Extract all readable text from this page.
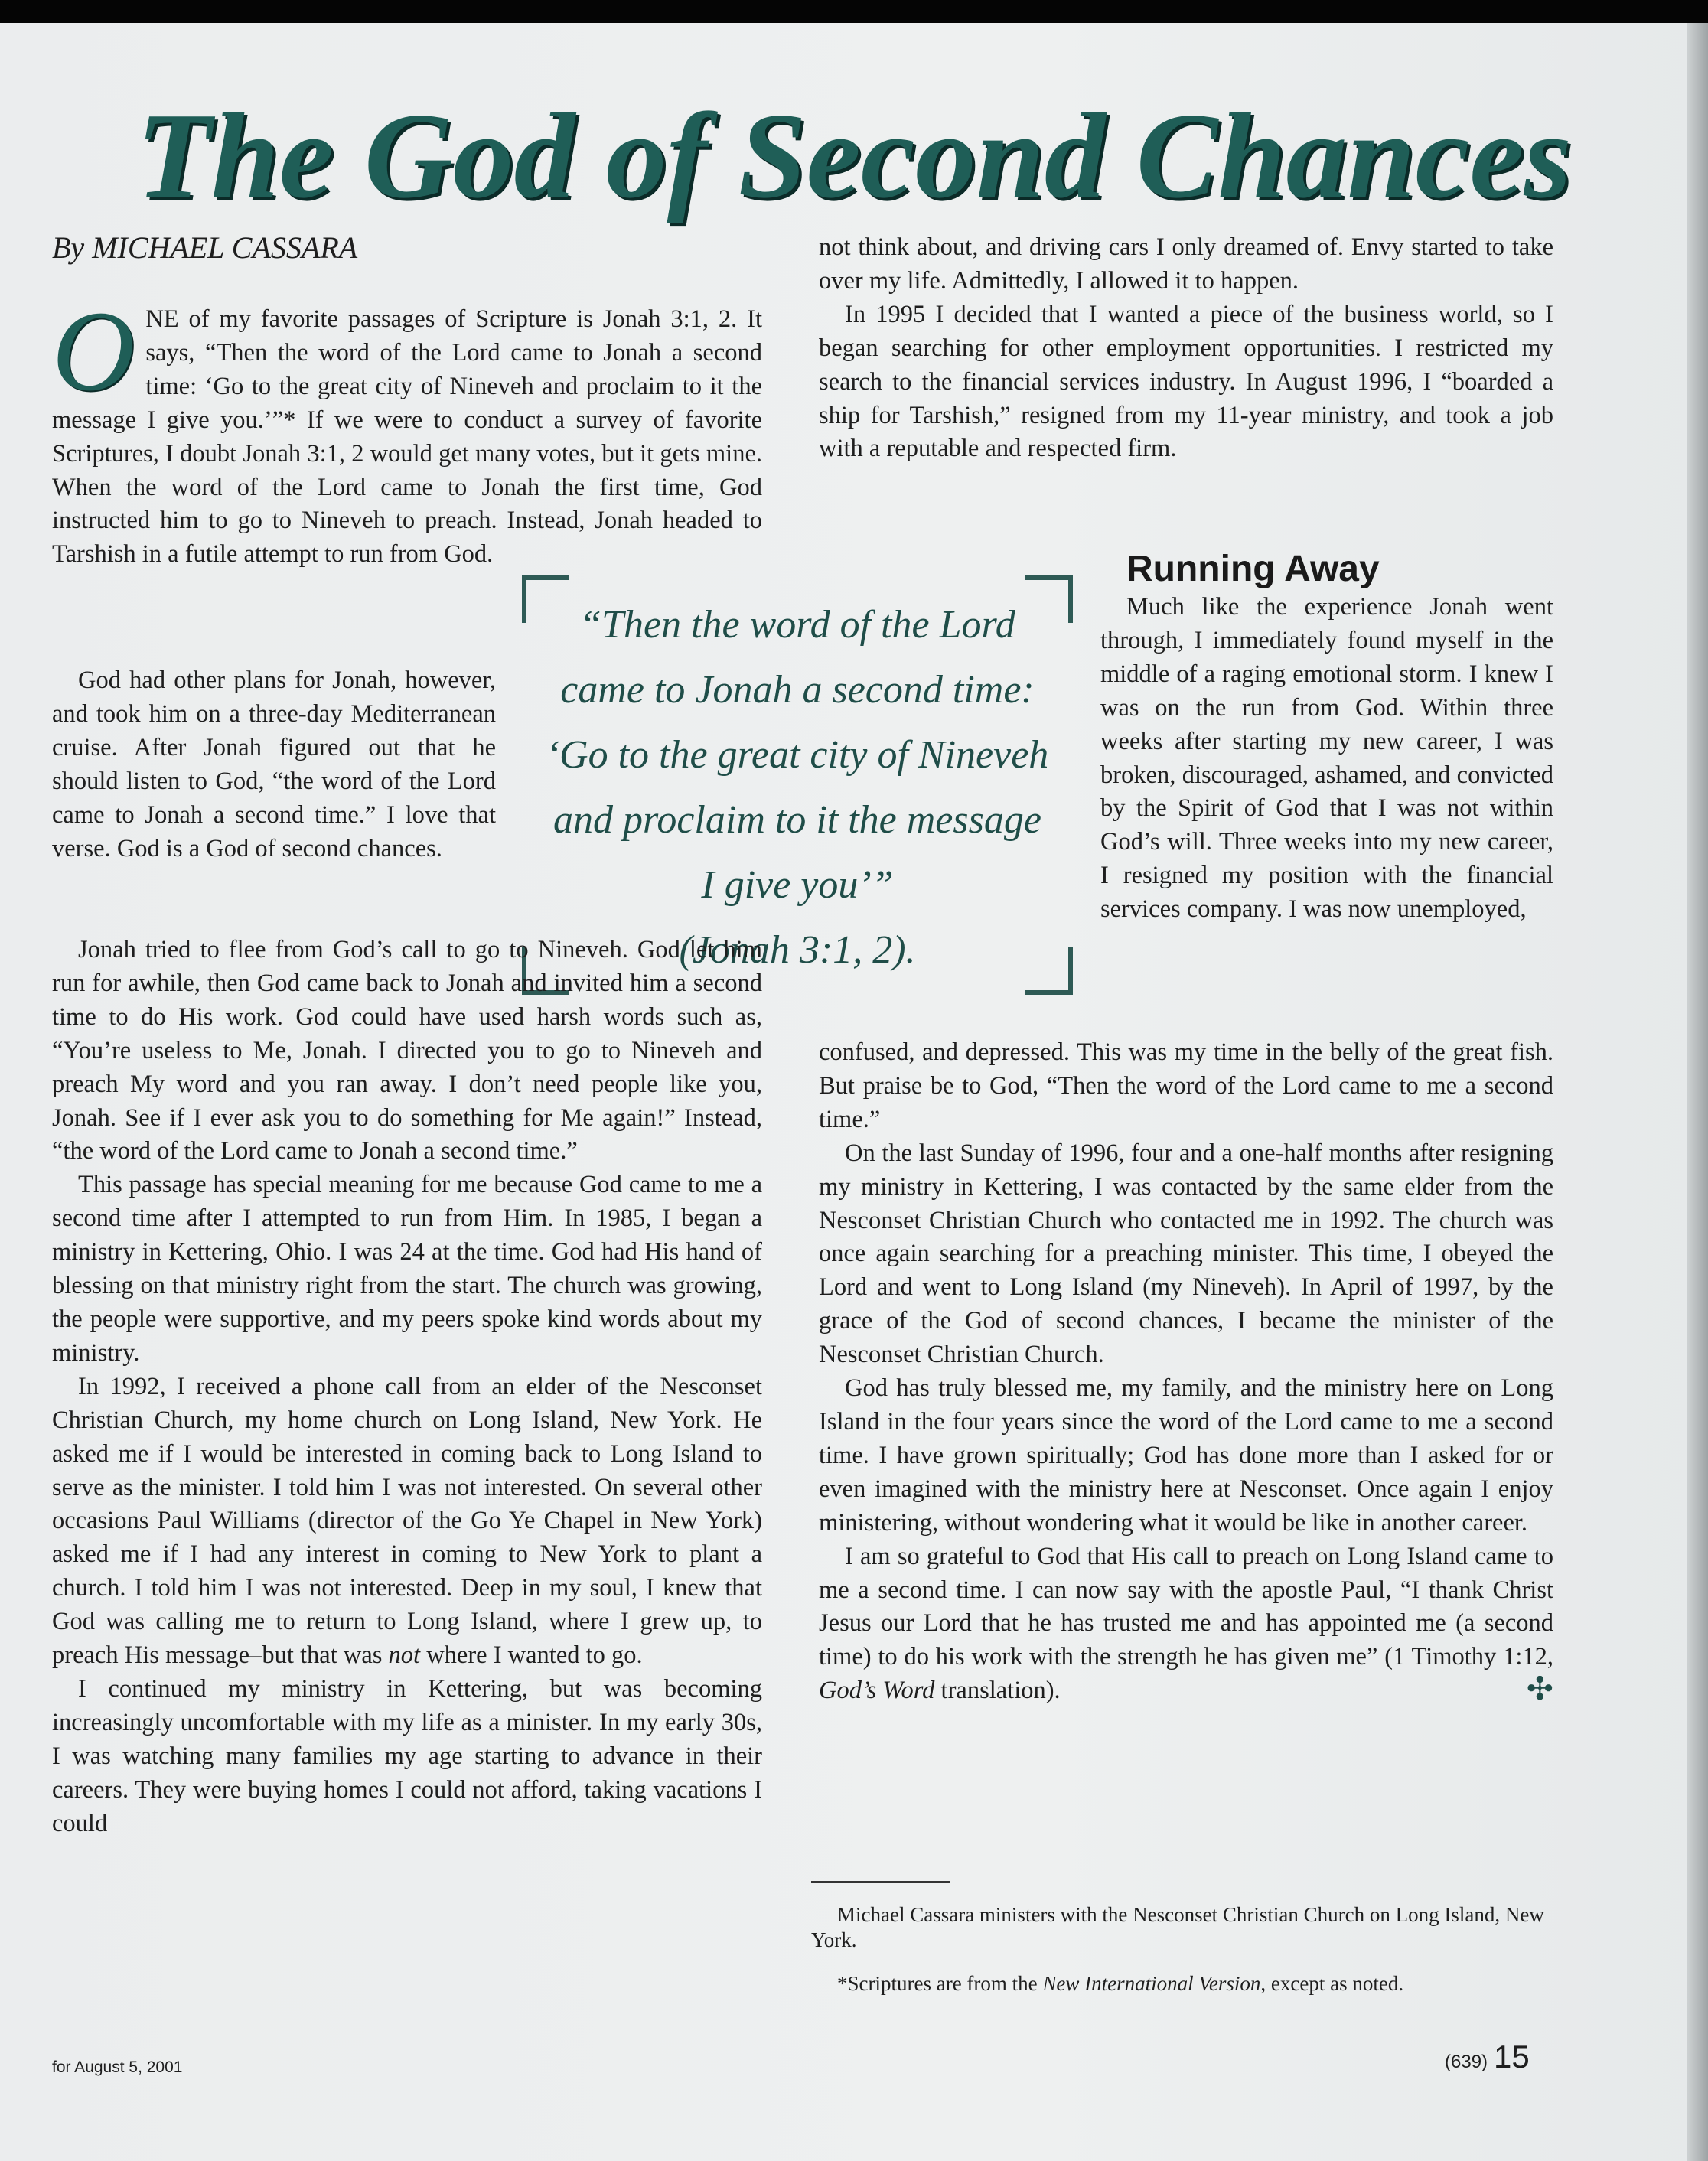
The God of Second Chances

By MICHAEL CASSARA

ONE of my favorite passages of Scripture is Jonah 3:1, 2. It says, “Then the word of the Lord came to Jonah a second time: ‘Go to the great city of Nineveh and proclaim to it the message I give you.’”* If we were to conduct a survey of favorite Scriptures, I doubt Jonah 3:1, 2 would get many votes, but it gets mine. When the word of the Lord came to Jonah the first time, God instructed him to go to Nineveh to preach. Instead, Jonah headed to Tarshish in a futile attempt to run from God.

“Then the word of the Lord came to Jonah a second time: ‘Go to the great city of Nineveh and proclaim to it the message I give you’”
(Jonah 3:1, 2).

God had other plans for Jonah, however, and took him on a three-day Mediterranean cruise. After Jonah figured out that he should listen to God, “the word of the Lord came to Jonah a second time.” I love that verse. God is a God of second chances.

Jonah tried to flee from God’s call to go to Nineveh. God let him run for awhile, then God came back to Jonah and invited him a second time to do His work. God could have used harsh words such as, “You’re useless to Me, Jonah. I directed you to go to Nineveh and preach My word and you ran away. I don’t need people like you, Jonah. See if I ever ask you to do something for Me again!” Instead, “the word of the Lord came to Jonah a second time.”

This passage has special meaning for me because God came to me a second time after I attempted to run from Him. In 1985, I began a ministry in Kettering, Ohio. I was 24 at the time. God had His hand of blessing on that ministry right from the start. The church was growing, the people were supportive, and my peers spoke kind words about my ministry.

In 1992, I received a phone call from an elder of the Nesconset Christian Church, my home church on Long Island, New York. He asked me if I would be interested in coming back to Long Island to serve as the minister. I told him I was not interested. On several other occasions Paul Williams (director of the Go Ye Chapel in New York) asked me if I had any interest in coming to New York to plant a church. I told him I was not interested. Deep in my soul, I knew that God was calling me to return to Long Island, where I grew up, to preach His message–but that was not where I wanted to go.

I continued my ministry in Kettering, but was becoming increasingly uncomfortable with my life as a minister. In my early 30s, I was watching many families my age starting to advance in their careers. They were buying homes I could not afford, taking vacations I could

not think about, and driving cars I only dreamed of. Envy started to take over my life. Admittedly, I allowed it to happen.

In 1995 I decided that I wanted a piece of the business world, so I began searching for other employment opportunities. I restricted my search to the financial services industry. In August 1996, I “boarded a ship for Tarshish,” resigned from my 11-year ministry, and took a job with a reputable and respected firm.

Running Away

Much like the experience Jonah went through, I immediately found myself in the middle of a raging emotional storm. I knew I was on the run from God. Within three weeks after starting my new career, I was broken, discouraged, ashamed, and convicted by the Spirit of God that I was not within God’s will. Three weeks into my new career, I resigned my position with the financial services company. I was now unemployed,

confused, and depressed. This was my time in the belly of the great fish. But praise be to God, “Then the word of the Lord came to me a second time.”

On the last Sunday of 1996, four and a one-half months after resigning my ministry in Kettering, I was contacted by the same elder from the Nesconset Christian Church who contacted me in 1992. The church was once again searching for a preaching minister. This time, I obeyed the Lord and went to Long Island (my Nineveh). In April of 1997, by the grace of the God of second chances, I became the minister of the Nesconset Christian Church.

God has truly blessed me, my family, and the ministry here on Long Island in the four years since the word of the Lord came to me a second time. I have grown spiritually; God has done more than I asked for or even imagined with the ministry here at Nesconset. Once again I enjoy ministering, without wondering what it would be like in another career.

I am so grateful to God that His call to preach on Long Island came to me a second time. I can now say with the apostle Paul, “I thank Christ Jesus our Lord that he has trusted me and has appointed me (a second time) to do his work with the strength he has given me” (1 Timothy 1:12, God’s Word translation).	✣

Michael Cassara ministers with the Nesconset Christian Church on Long Island, New York.

*Scriptures are from the New International Version, except as noted.

for August 5, 2001	(639) 15
